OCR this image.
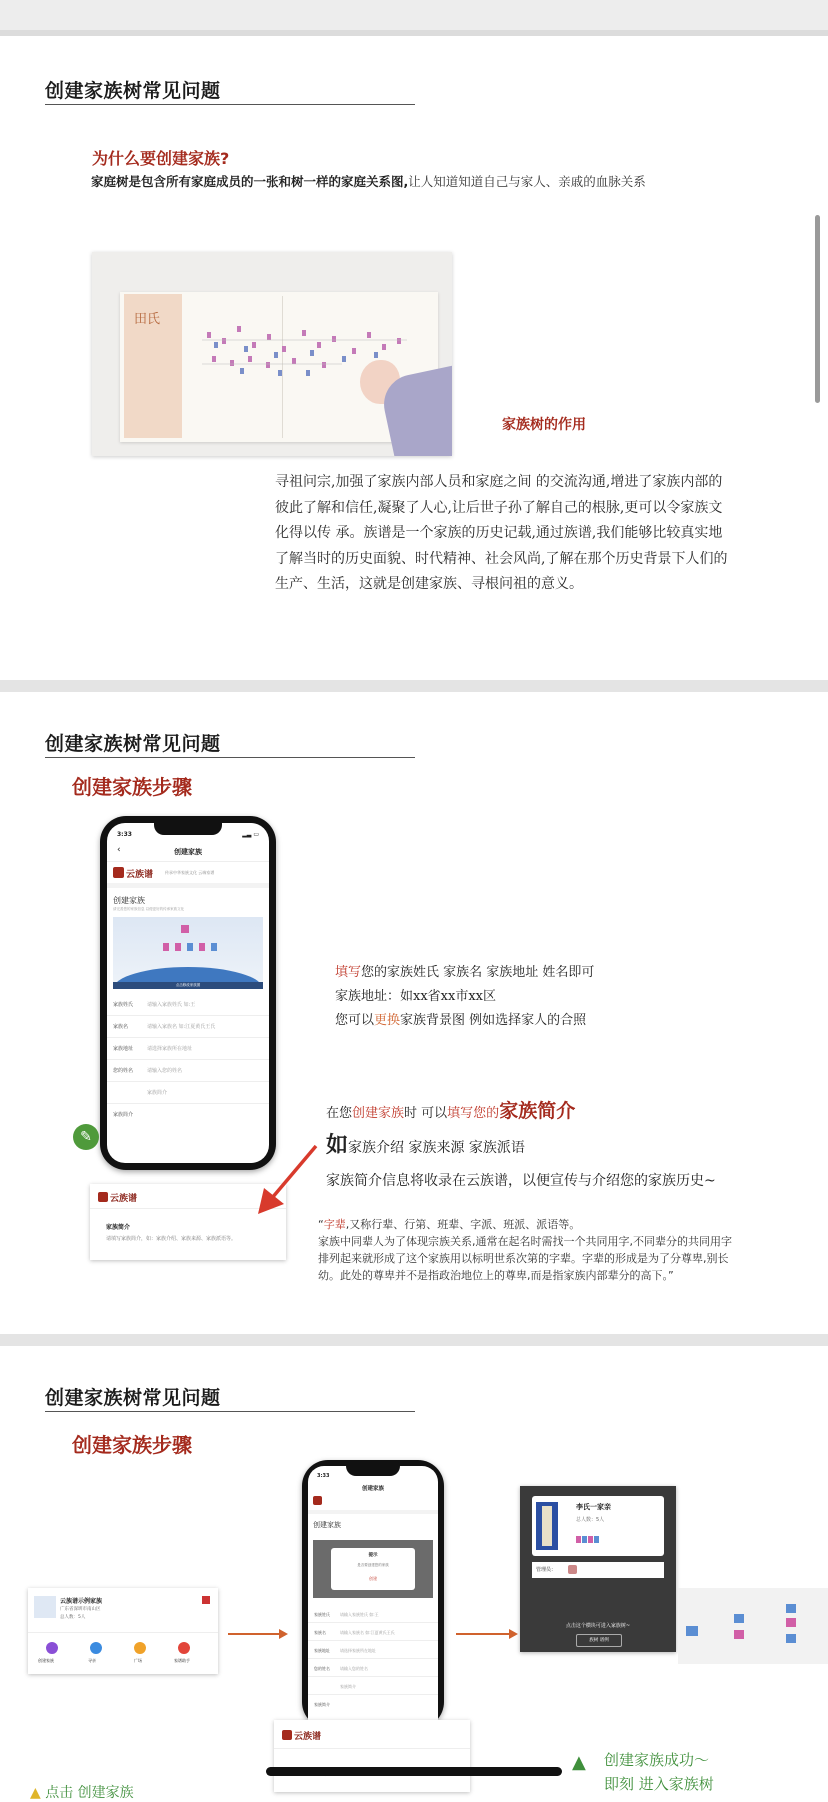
创建家族树常见问题
为什么要创建家族?
家庭树是包含所有家庭成员的一张和树一样的家庭关系图,让人知道知道自己与家人、亲戚的血脉关系
田氏
家族树的作用
寻祖问宗,加强了家族内部人员和家庭之间 的交流沟通,增进了家族内部的
彼此了解和信任,凝聚了人心,让后世子孙了解自己的根脉,更可以令家族文
化得以传 承。族谱是一个家族的历史记载,通过族谱,我们能够比较真实地
了解当时的历史面貌、时代精神、社会风尚,了解在那个历史背景下人们的
生产、生活，这就是创建家族、寻根问祖的意义。
创建家族树常见问题
创建家族步骤
3:33	▂▃ ▭
‹	创建家族
云族谱	传承中华家族文化 云端家谱
创建家族
请完善您的家族信息 以便更好的传承家族文化
点击修改家族图
家族姓氏	请输入家族姓氏 如:王
家族名	请输入家族名 如:江夏黄氏王氏
家族地址	请选择家族所在地址
您的姓名	请输入您的姓名
家族简介
家族简介
✎
云族谱
家族简介
请填写家族简介，如：家族介绍、家族来源、家族派语等。
填写您的家族姓氏 家族名 家族地址 姓名即可
家族地址：如xx省xx市xx区
您可以更换家族背景图 例如选择家人的合照
在您创建家族时 可以填写您的家族简介
如家族介绍 家族来源 家族派语
家族简介信息将收录在云族谱，以便宣传与介绍您的家族历史~
“字辈,又称行辈、行第、班辈、字派、班派、派语等。
家族中同辈人为了体现宗族关系,通常在起名时需找一个共同用字,不同辈分的共同用字
排列起来就形成了这个家族用以标明世系次第的字辈。字辈的形成是为了分尊卑,别长
幼。此处的尊卑并不是指政治地位上的尊卑,而是指家族内部辈分的高下。”
创建家族树常见问题
创建家族步骤
云族谱示例家族
广东省深圳市南山区
总人数：5人
创建家族	寻亲	广场	家谱助手
3:33
创建家族
创建家族
提示
是否要创建您的家族
创建
家族姓氏	请输入家族姓氏 如:王
家族名	请输入家族名 如:江夏黄氏王氏
家族地址	请选择家族所在地址
您的姓名	请输入您的姓名
家族简介
家族简介
李氏一家亲
总人数：5人
管理员：
点击这个横块可进入家族树~
族树 谱例
云族谱
▲ 点击 创建家族
▲ 创建家族成功～
即刻 进入家族树
